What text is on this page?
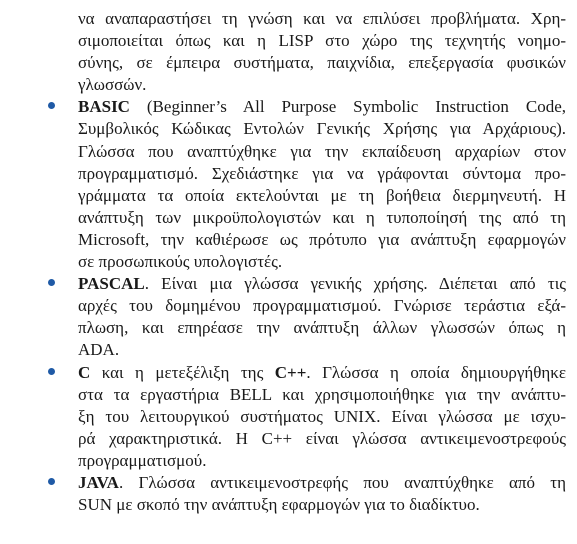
να αναπαραστήσει τη γνώση και να επιλύσει προβλήματα. Χρη-
σιμοποιείται όπως και η LISP στο χώρο της τεχνητής νοημο-
σύνης, σε έμπειρα συστήματα, παιχνίδια, επεξεργασία φυσικών
γλωσσών.
BASIC (Beginner’s All Purpose Symbolic Instruction Code,
Συμβολικός Κώδικας Εντολών Γενικής Χρήσης για Αρχάριους).
Γλώσσα που αναπτύχθηκε για την εκπαίδευση αρχαρίων στον
προγραμματισμό. Σχεδιάστηκε για να γράφονται σύντομα προ-
γράμματα τα οποία εκτελούνται με τη βοήθεια διερμηνευτή. Η
ανάπτυξη των μικροϋπολογιστών και η τυποποίησή της από τη
Microsoft, την καθιέρωσε ως πρότυπο για ανάπτυξη εφαρμογών
σε προσωπικούς υπολογιστές.
PASCAL. Είναι μια γλώσσα γενικής χρήσης. Διέπεται από τις
αρχές του δομημένου προγραμματισμού. Γνώρισε τεράστια εξά-
πλωση, και επηρέασε την ανάπτυξη άλλων γλωσσών όπως η
ADA.
C και η μετεξέλιξη της C++. Γλώσσα η οποία δημιουργήθηκε
στα τα εργαστήρια BELL και χρησιμοποιήθηκε για την ανάπτυ-
ξη του λειτουργικού συστήματος UNIX. Είναι γλώσσα με ισχυ-
ρά χαρακτηριστικά. Η C++ είναι γλώσσα αντικειμενοστρεφούς
προγραμματισμού.
JAVA. Γλώσσα αντικειμενοστρεφής που αναπτύχθηκε από τη
SUN με σκοπό την ανάπτυξη εφαρμογών για το διαδίκτυο.
